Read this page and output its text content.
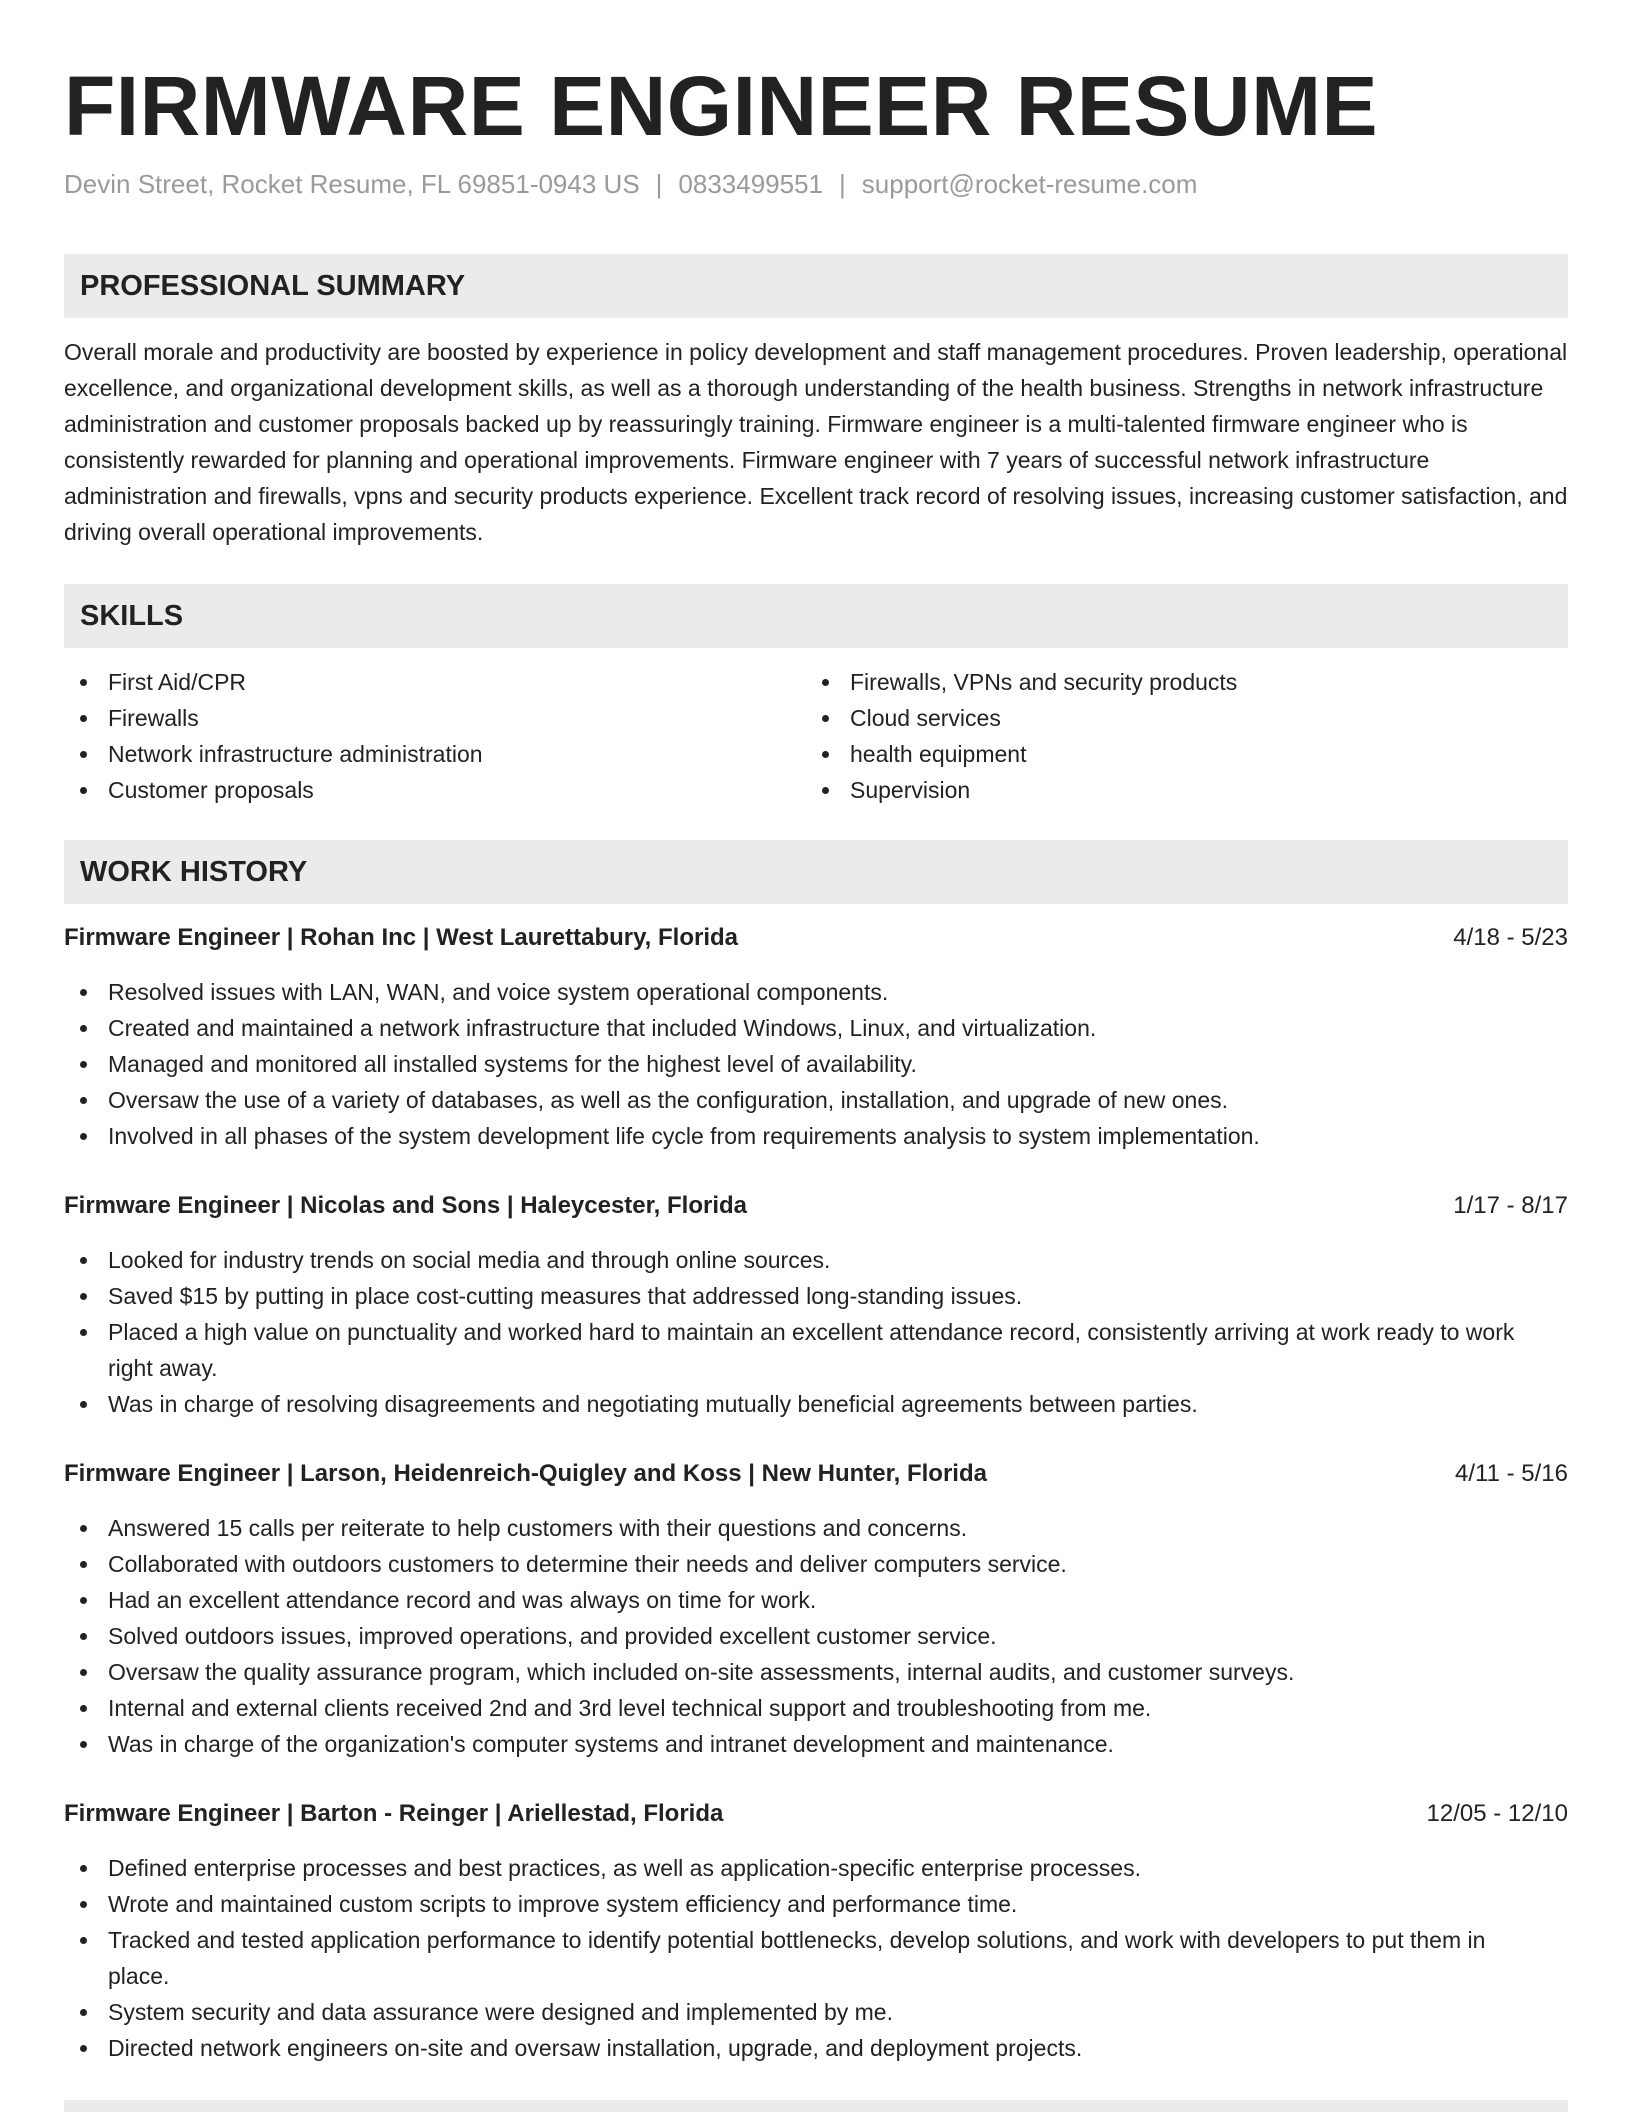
FIRMWARE ENGINEER RESUME
Devin Street, Rocket Resume, FL 69851-0943 US | 0833499551 | support@rocket-resume.com
PROFESSIONAL SUMMARY

Overall morale and productivity are boosted by experience in policy development and staff management procedures. Proven leadership, operational excellence, and organizational development skills, as well as a thorough understanding of the health business. Strengths in network infrastructure administration and customer proposals backed up by reassuringly training. Firmware engineer is a multi-talented firmware engineer who is consistently rewarded for planning and operational improvements. Firmware engineer with 7 years of successful network infrastructure administration and firewalls, vpns and security products experience. Excellent track record of resolving issues, increasing customer satisfaction, and driving overall operational improvements.

SKILLS
First Aid/CPR
Firewalls
Network infrastructure administration
Customer proposals
Firewalls, VPNs and security products
Cloud services
health equipment
Supervision
WORK HISTORY
Firmware Engineer | Rohan Inc | West Laurettabury, Florida	4/18 - 5/23
Resolved issues with LAN, WAN, and voice system operational components.
Created and maintained a network infrastructure that included Windows, Linux, and virtualization.
Managed and monitored all installed systems for the highest level of availability.
Oversaw the use of a variety of databases, as well as the configuration, installation, and upgrade of new ones.
Involved in all phases of the system development life cycle from requirements analysis to system implementation.
Firmware Engineer | Nicolas and Sons | Haleycester, Florida	1/17 - 8/17
Looked for industry trends on social media and through online sources.
Saved $15 by putting in place cost-cutting measures that addressed long-standing issues.
Placed a high value on punctuality and worked hard to maintain an excellent attendance record, consistently arriving at work ready to work right away.
Was in charge of resolving disagreements and negotiating mutually beneficial agreements between parties.
Firmware Engineer | Larson, Heidenreich-Quigley and Koss | New Hunter, Florida	4/11 - 5/16
Answered 15 calls per reiterate to help customers with their questions and concerns.
Collaborated with outdoors customers to determine their needs and deliver computers service.
Had an excellent attendance record and was always on time for work.
Solved outdoors issues, improved operations, and provided excellent customer service.
Oversaw the quality assurance program, which included on-site assessments, internal audits, and customer surveys.
Internal and external clients received 2nd and 3rd level technical support and troubleshooting from me.
Was in charge of the organization's computer systems and intranet development and maintenance.
Firmware Engineer | Barton - Reinger | Ariellestad, Florida	12/05 - 12/10
Defined enterprise processes and best practices, as well as application-specific enterprise processes.
Wrote and maintained custom scripts to improve system efficiency and performance time.
Tracked and tested application performance to identify potential bottlenecks, develop solutions, and work with developers to put them in place.
System security and data assurance were designed and implemented by me.
Directed network engineers on-site and oversaw installation, upgrade, and deployment projects.
